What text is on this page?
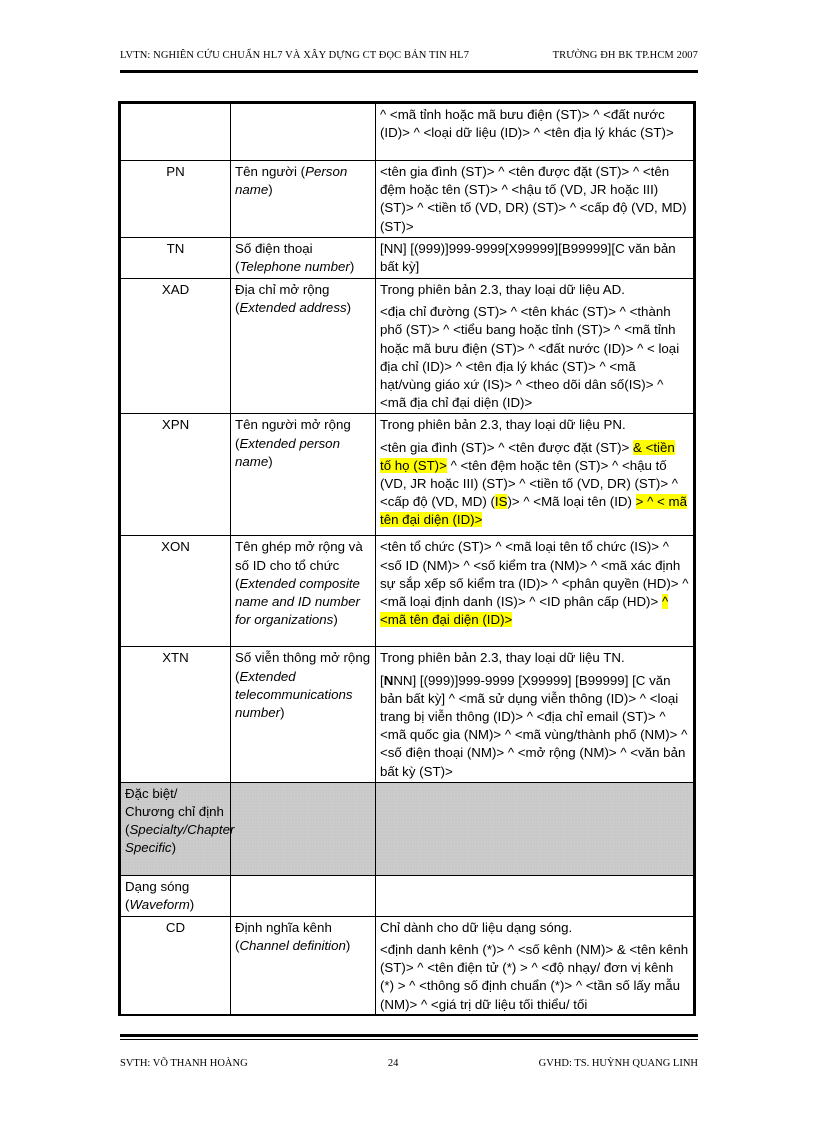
LVTN: NGHIÊN CỨU CHUẨN HL7 VÀ XÂY DỰNG CT ĐỌC BẢN TIN HL7	TRƯỜNG ĐH BK TP.HCM 2007
		^ <mã tỉnh hoặc mã bưu điện (ST)> ^ <đất nước (ID)> ^ <loại dữ liệu (ID)> ^ <tên địa lý khác (ST)>
PN	Tên người (Person name)	<tên gia đình (ST)> ^ <tên được đặt (ST)> ^ <tên đệm hoặc tên (ST)> ^ <hậu tố (VD, JR hoặc III) (ST)> ^ <tiền tố (VD, DR) (ST)> ^ <cấp độ (VD, MD) (ST)>
TN	Số điện thoại (Telephone number)	[NN] [(999)]999-9999[X99999][B99999][C văn bản bất kỳ]
XAD	Địa chỉ mở rộng (Extended address)	Trong phiên bản 2.3, thay loại dữ liệu AD.

<địa chỉ đường (ST)> ^ <tên khác (ST)> ^ <thành phố (ST)> ^ <tiểu bang hoặc tỉnh (ST)> ^ <mã tỉnh hoặc mã bưu điện (ST)> ^ <đất nước (ID)> ^ < loại địa chỉ (ID)> ^ <tên địa lý khác (ST)> ^ <mã hạt/vùng giáo xứ (IS)> ^ <theo dõi dân số(IS)> ^ <mã địa chỉ đại diện (ID)>

XPN	Tên người mở rộng (Extended person name)	Trong phiên bản 2.3, thay loại dữ liệu PN.

<tên gia đình (ST)> ^ <tên được đặt (ST)> & <tiền tố họ (ST)> ^ <tên đệm hoặc tên (ST)> ^ <hậu tố (VD, JR hoặc III) (ST)> ^ <tiền tố (VD, DR) (ST)> ^ <cấp độ (VD, MD) (IS)> ^ <Mã loại tên (ID) > ^ < mã tên đại diện (ID)>

XON	Tên ghép mở rộng và số ID cho tổ chức (Extended composite name and ID number for organizations)	<tên tổ chức (ST)> ^ <mã loại tên tổ chức (IS)> ^ <số ID (NM)> ^ <số kiểm tra (NM)> ^ <mã xác định sự sắp xếp số kiểm tra (ID)> ^ <phân quyền (HD)> ^ <mã loại định danh (IS)> ^ <ID phân cấp (HD)> ^ <mã tên đại diện (ID)>
XTN	Số viễn thông mở rộng (Extended telecommunications number)	Trong phiên bản 2.3, thay loại dữ liệu TN.

[NNN] [(999)]999-9999 [X99999] [B99999] [C văn bản bất kỳ] ^ <mã sử dụng viễn thông (ID)> ^ <loại trang bị viễn thông (ID)> ^ <địa chỉ email (ST)> ^ <mã quốc gia (NM)> ^ <mã vùng/thành phố (NM)> ^ <số điện thoại (NM)> ^ <mở rộng (NM)> ^ <văn bản bất kỳ (ST)>

Đặc biệt/ Chương chỉ định (Specialty/Chapter Specific)		
Dạng sóng (Waveform)		
CD	Định nghĩa kênh (Channel definition)	Chỉ dành cho dữ liệu dạng sóng.

<định danh kênh (*)> ^ <số kênh (NM)> & <tên kênh (ST)> ^ <tên điện tử (*) > ^ <độ nhạy/ đơn vị kênh (*) > ^ <thông số định chuẩn (*)> ^ <tần số lấy mẫu (NM)> ^ <giá trị dữ liệu tối thiểu/ tối

SVTH: VÕ THANH HOÀNG	24	GVHD: TS. HUỲNH QUANG LINH
